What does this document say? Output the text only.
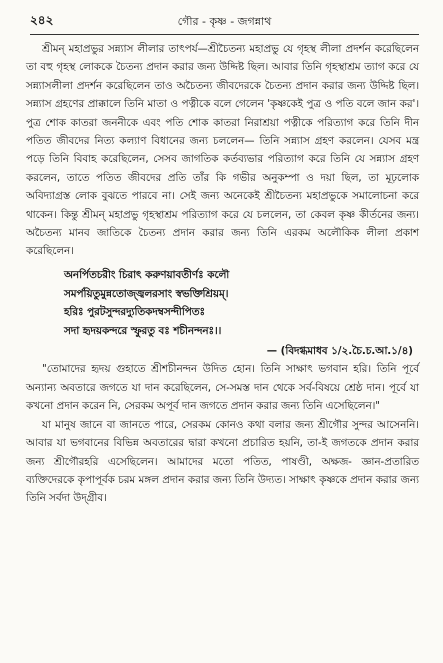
২৪২	গৌর - কৃষ্ণ - জগন্নাথ

শ্রীমন্‌ মহাপ্রভুর সন্ন্যাস লীলার তাৎপর্য—শ্রীচৈতন্য মহাপ্রভু যে গৃহস্থ লীলা প্রদর্শন করেছিলেন তা বহু গৃহস্থ লোককে চৈতন্য প্রদান করার জন্য উদ্দিষ্ট ছিল। আবার তিনি গৃহস্থাশ্রম ত্যাগ করে যে সন্ন্যাসলীলা প্রদর্শন করেছিলেন তাও অচৈতন্য জীবদেরকে চৈতন্য প্রদান করার জন্য উদ্দিষ্ট ছিল। সন্ন্যাস গ্রহণের প্রাক্কালে তিনি মাতা ও পত্নীকে বলে গেলেন 'কৃষ্ণকেই পুত্র ও পতি বলে জান কর'। পুত্র শোক কাতরা জননীকে এবং পতি শোক কাতরা নিরাশ্রয়া পত্নীকে পরিত্যাগ করে তিনি দীন পতিত জীবদের নিত্য কল্যাণ বিধানের জন্য চললেন— তিনি সন্ন্যাস গ্রহণ করলেন। যেসব মন্ত্র পড়ে তিনি বিবাহ করেছিলেন, সেসব জাগতিক কর্তব্যভার পরিত্যাগ করে তিনি যে সন্ন্যাস গ্রহণ করলেন, তাতে পতিত জীবদের প্রতি তাঁর কি গভীর অনুকম্পা ও দয়া ছিল, তা মূঢ়লোক অবিদ্যাগ্রস্ত লোক বুঝতে পারবে না। সেই জন্য অনেকেই শ্রীচৈতন্য মহাপ্রভুকে সমালোচনা করে থাকেন। কিন্তু শ্রীমন্‌ মহাপ্রভু গৃহস্থাশ্রম পরিত্যাগ করে যে চললেন, তা কেবল কৃষ্ণ কীর্তনের জন্য। অচৈতন্য মানব জাতিকে চৈতন্য প্রদান করার জন্য তিনি এরকম অলৌকিক লীলা প্রকাশ করেছিলেন।

অনর্পিতচরীং চিরাৎ করুণয়াবতীর্ণঃ কলৌ
সমর্পয়িতুমুন্নতোজ্জ্বলরসাং স্বভক্তিশ্রিয়ম্‌।
হরিঃ পুরটসুন্দরদ্যুতিকদম্বসন্দীপিতঃ
সদা হৃদয়কন্দরে স্ফুরতু বঃ শচীনন্দনঃ।।
— (বিদগ্ধমাধব ১/২.চৈ.চ.আ.১/৪)

"তোমাদের হৃদয় গুহাতে শ্রীশচীনন্দন উদিত হোন। তিনি সাক্ষাৎ ভগবান হরি। তিনি পূর্বে অন্যান্য অবতারে জগতে যা দান করেছিলেন, সে-সমস্ত দান থেকে সর্ব-বিষয়ে শ্রেষ্ঠ দান। পূর্বে যা কখনো প্রদান করেন নি, সেরকম অপূর্ব দান জগতে প্রদান করার জন্য তিনি এসেছিলেন।"

যা মানুষ জানে বা জানতে পারে, সেরকম কোনও কথা বলার জন্য শ্রীগৌর সুন্দর আসেননি। আবার যা ভগবানের বিভিন্ন অবতারের দ্বারা কখনো প্রচারিত হয়নি, তা-ই জগতকে প্রদান করার জন্য শ্রীগৌরহরি এসেছিলেন। আমাদের মতো পতিত, পাষণ্ডী, অক্ষজ- জ্ঞান-প্রতারিত ব্যক্তিদেরকে কৃপাপূর্বক চরম মঙ্গল প্রদান করার জন্য তিনি উদ্যত। সাক্ষাৎ কৃষ্ণকে প্রদান করার জন্য তিনি সর্বদা উদ্গ্রীব।
